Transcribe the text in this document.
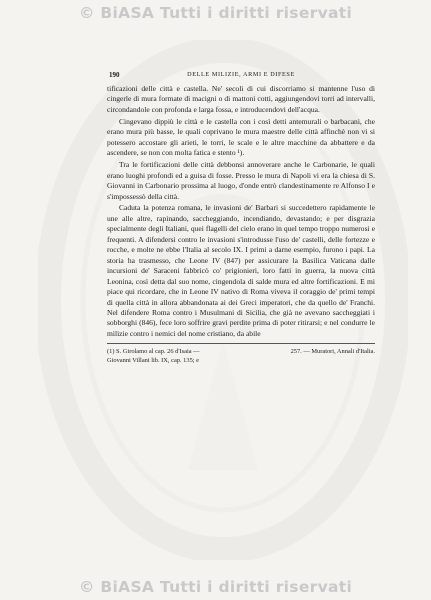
© BiASA Tutti i diritti riservati
190	DELLE MILIZIE, ARMI E DIFESE

tificazioni delle città e castella. Ne' secoli di cui discorriamo si mantenne l'uso di cingerle di mura formate di macigni o di mattoni cotti, aggiungendovi torri ad intervalli, circondandole con profonda e larga fossa, e introducendovi dell'acqua.

Cingevano dippiù le città e le castella con i così detti antemurali o barbacani, che erano mura più basse, le quali coprivano le mura maestre delle città affinchè non vi si potessero accostare gli arieti, le torri, le scale e le altre macchine da abbattere e da ascendere, se non con molta fatica e stento ¹).

Tra le fortificazioni delle città debbonsi annoverare anche le Carbonarie, le quali erano luoghi profondi ed a guisa di fosse. Presso le mura di Napoli vi era la chiesa di S. Giovanni in Carbonario prossima al luogo, d'onde entrò clandestinamente re Alfonso I e s'impossessò della città.

Caduta la potenza romana, le invasioni de' Barbari si succedettero rapidamente le une alle altre, rapinando, saccheggiando, incendiando, devastando; e per disgrazia specialmente degli Italiani, quei flagelli del cielo erano in quel tempo troppo numerosi e frequenti. A difendersi contro le invasioni s'introdusse l'uso de' castelli, delle fortezze e rocche, e molte ne ebbe l'Italia al secolo IX. I primi a darne esempio, furono i papi. La storia ha trasmesso, che Leone IV (847) per assicurare la Basilica Vaticana dalle incursioni de' Saraceni fabbricò co' prigionieri, loro fatti in guerra, la nuova città Leonina, così detta dal suo nome, cingendola di salde mura ed altre fortificazioni. E mi piace qui ricordare, che in Leone IV nativo di Roma viveva il coraggio de' primi tempi di quella città in allora abbandonata ai dei Greci imperatori, che da quello de' Franchi. Nel difendere Roma contro i Musulmani di Sicilia, che già ne avevano saccheggiati i sobborghi (846), fece loro soffrire gravi perdite prima di poter ritirarsi; e nel condurre le milizie contro i nemici del nome cristiano, da abile

(1) S. Girolamo al cap. 26 d'Isaia —	257. — Muratori, Annali d'Italia.
Giovanni Villani lib. IX, cap. 135; e
© BiASA Tutti i diritti riservati
